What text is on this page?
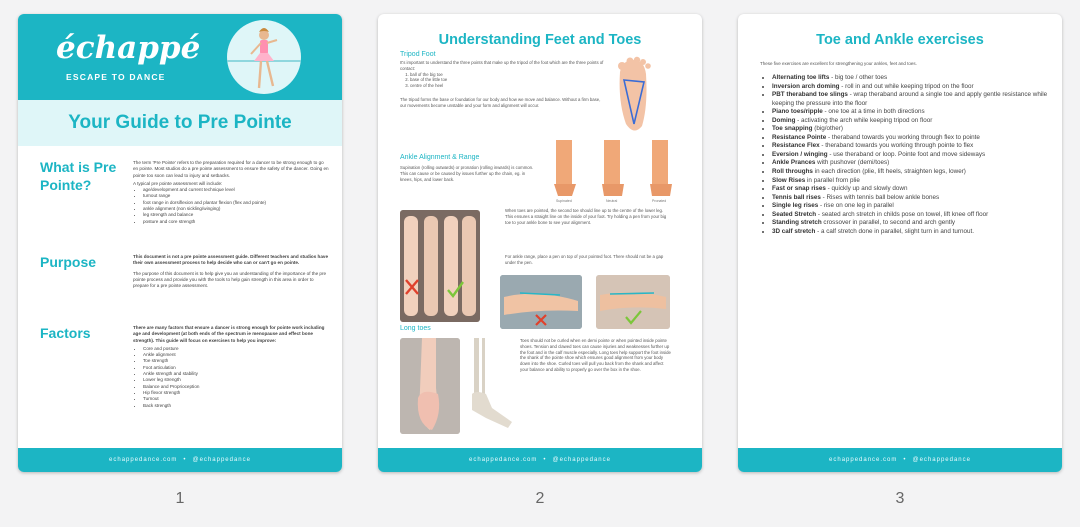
échappé
ESCAPE TO DANCE
Your Guide to Pre Pointe
What is Pre Pointe?

The term 'Pre Pointe' refers to the preparation required for a dancer to be strong enough to go en pointe. Most studios do a pre pointe assessment to ensure the safety of the dancer. Going en pointe too soon can lead to injury and setbacks.

A typical pre pointe assessment will include:
• age/development and current technique level
• turnout range
• foot range in dorsiflexion and plantar flexion (flex and pointe)
• ankle alignment (non sickling/winging)
• leg strength and balance
• posture and core strength
Purpose	This document is not a pre pointe assessment guide. Different teachers and studios have their own assessment process to help decide who can or can't go en pointe.

The purpose of this document is to help give you an understanding of the importance of the pre pointe process and provide you with the tools to help gain strength in this area in order to prepare for a pre pointe assessment.

Factors	There are many factors that ensure a dancer is strong enough for pointe work including age and development (at both ends of the spectrum ie menopause and effect bone strength). This guide will focus on exercises to help you improve:

• Core and posture
• Ankle alignment
• Toe strength
• Foot articulation
• Ankle strength and stability
• Lower leg strength
• Balance and Proprioception
• Hip flexor strength
• Turnout
• Back strength
echappedance.com • @echappedance
Understanding Feet and Toes
Tripod Foot
It's important to understand the three points that make up the tripod of the foot which are the three points of contact:
1. ball of the big toe
2. base of the little toe
3. centre of the heel
The tripod forms the base or foundation for our body and how we move and balance. Without a firm base, our movements become unstable and your form and alignment will occur.
Ankle Alignment & Range
Supination (rolling outwards) or pronation (rolling inwards) is common. This can cause or be caused by issues further up the chain, eg. in knees, hips, and lower back.
Supinated	Neutral	Pronated
When toes are pointed, the second toe should line up to the centre of the lower leg. This ensures a straight line on the inside of your foot. Try holding a pen from your big toe to your ankle bone to see your alignment.
For ankle range, place a pen on top of your pointed foot. There should not be a gap under the pen.
Long toes
Toes should not be curled when en demi pointe or when pointed inside pointe shoes. Tension and clawed toes can cause injuries and weaknesses further up the foot and in the calf muscle especially. Long toes help support the foot inside the shank of the pointe shoe which ensures good alignment from your body down into the shoe. Curled toes will pull you back from the shank and affect your balance and ability to properly go over the box in the shoe.
echappedance.com • @echappedance
Toe and Ankle exercises
These five exercises are excellent for strengthening your ankles, feet and toes.
• Alternating toe lifts - big toe / other toes
• Inversion arch doming - roll in and out while keeping tripod on the floor
• PBT theraband toe slings - wrap theraband around a single toe and apply gentle resistance while keeping the pressure into the floor
• Piano toes/ripple - one toe at a time in both directions
• Doming - activating the arch while keeping tripod on floor
• Toe snapping (big/other)
• Resistance Pointe - theraband towards you working through flex to pointe
• Resistance Flex - theraband towards you working through pointe to flex
• Eversion / winging - use theraband or loop. Pointe foot and move sideways
• Ankle Prances with pushover (demi/toes)
• Roll throughs in each direction (plie, lift heels, straighten legs, lower)
• Slow Rises in parallel from plie
• Fast or snap rises - quickly up and slowly down
• Tennis ball rises - Rises with tennis ball below ankle bones
• Single leg rises - rise on one leg in parallel
• Seated Stretch - seated arch stretch in childs pose on towel, lift knee off floor
• Standing stretch crossover in parallel, to second and arch gently
• 3D calf stretch - a calf stretch done in parallel, slight turn in and turnout.
echappedance.com • @echappedance
1	2	3
